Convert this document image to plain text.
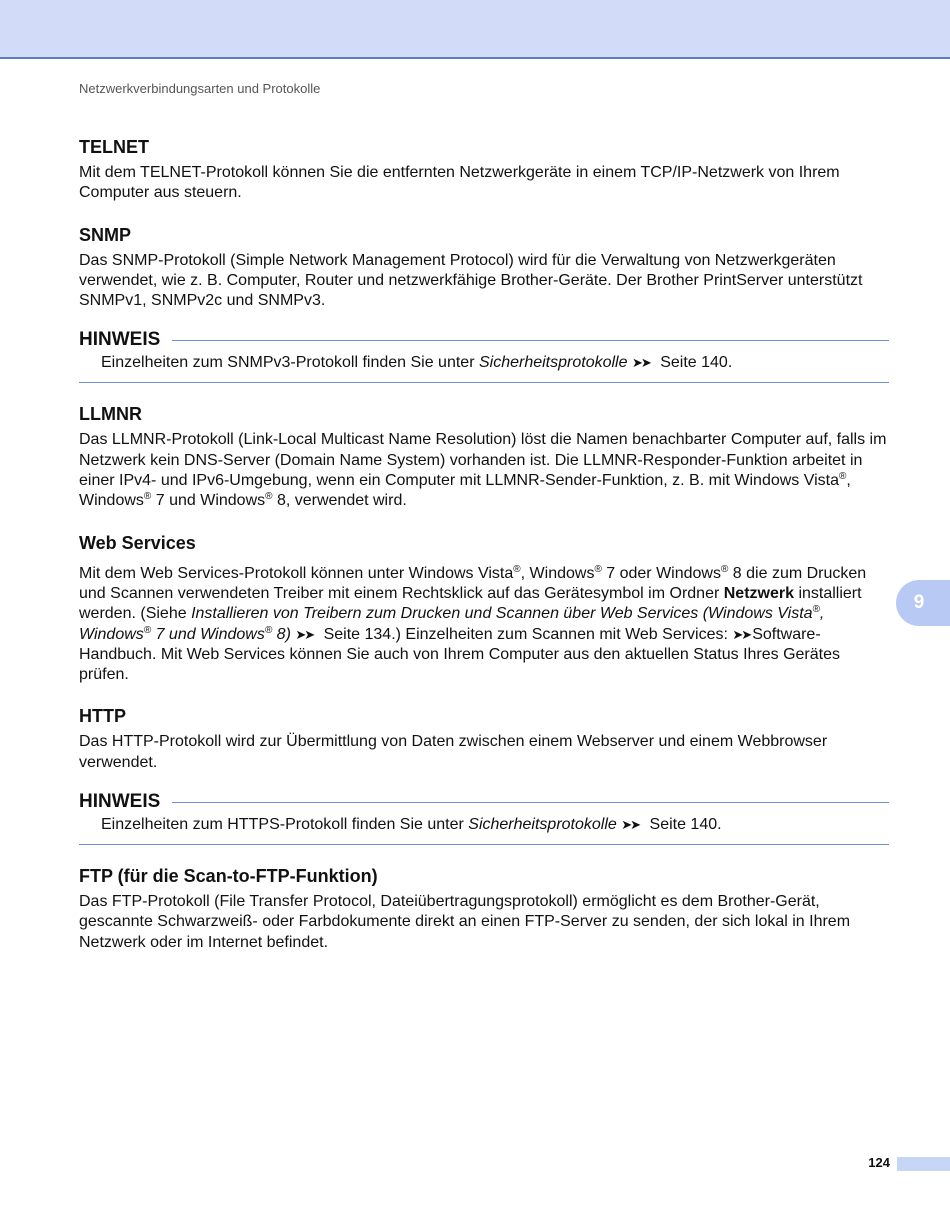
Netzwerkverbindungsarten und Protokolle
TELNET

Mit dem TELNET-Protokoll können Sie die entfernten Netzwerkgeräte in einem TCP/IP-Netzwerk von Ihrem Computer aus steuern.

SNMP

Das SNMP-Protokoll (Simple Network Management Protocol) wird für die Verwaltung von Netzwerkgeräten verwendet, wie z. B. Computer, Router und netzwerkfähige Brother-Geräte. Der Brother PrintServer unterstützt SNMPv1, SNMPv2c und SNMPv3.

HINWEIS
Einzelheiten zum SNMPv3-Protokoll finden Sie unter Sicherheitsprotokolle ➤➤ Seite 140.
LLMNR

Das LLMNR-Protokoll (Link-Local Multicast Name Resolution) löst die Namen benachbarter Computer auf, falls im Netzwerk kein DNS-Server (Domain Name System) vorhanden ist. Die LLMNR-Responder-Funktion arbeitet in einer IPv4- und IPv6-Umgebung, wenn ein Computer mit LLMNR-Sender-Funktion, z. B. mit Windows Vista®, Windows® 7 und Windows® 8, verwendet wird.

Web Services

Mit dem Web Services-Protokoll können unter Windows Vista®, Windows® 7 oder Windows® 8 die zum Drucken und Scannen verwendeten Treiber mit einem Rechtsklick auf das Gerätesymbol im Ordner Netzwerk installiert werden. (Siehe Installieren von Treibern zum Drucken und Scannen über Web Services (Windows Vista®, Windows® 7 und Windows® 8) ➤➤ Seite 134.) Einzelheiten zum Scannen mit Web Services: ➤➤ Software-Handbuch. Mit Web Services können Sie auch von Ihrem Computer aus den aktuellen Status Ihres Gerätes prüfen.

HTTP

Das HTTP-Protokoll wird zur Übermittlung von Daten zwischen einem Webserver und einem Webbrowser verwendet.

HINWEIS
Einzelheiten zum HTTPS-Protokoll finden Sie unter Sicherheitsprotokolle ➤➤ Seite 140.
FTP (für die Scan-to-FTP-Funktion)

Das FTP-Protokoll (File Transfer Protocol, Dateiübertragungsprotokoll) ermöglicht es dem Brother-Gerät, gescannte Schwarzweiß- oder Farbdokumente direkt an einen FTP-Server zu senden, der sich lokal in Ihrem Netzwerk oder im Internet befindet.

9
124
